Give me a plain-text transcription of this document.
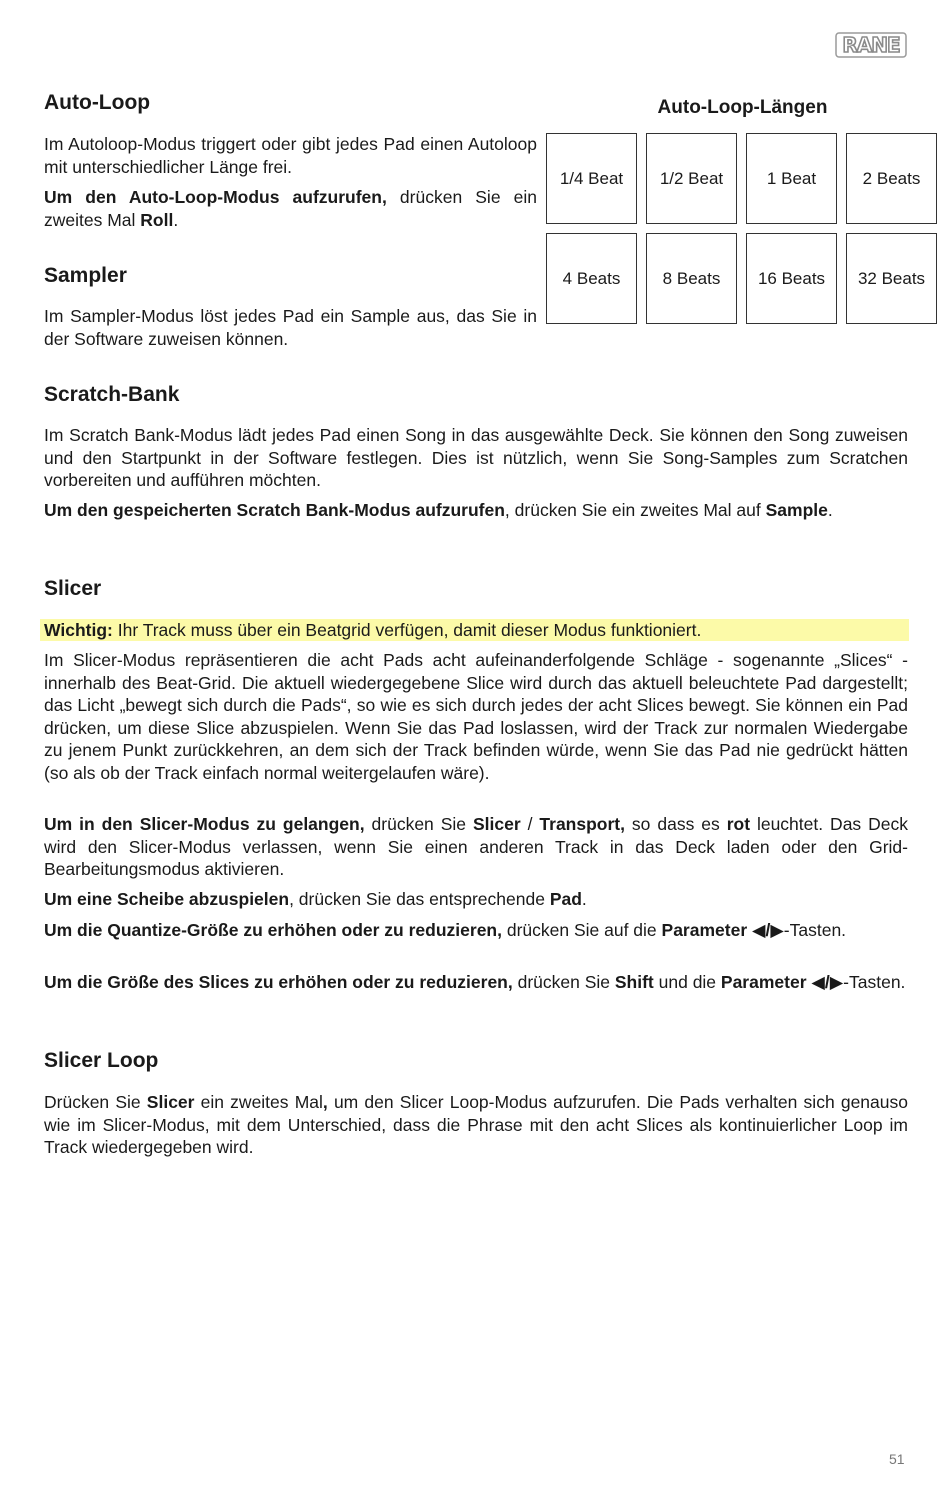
RANE
Auto-Loop

Im Autoloop-Modus triggert oder gibt jedes Pad einen Autoloop mit unterschiedlicher Länge frei.

Um den Auto-Loop-Modus aufzurufen, drücken Sie ein zweites Mal Roll.

Sampler

Im Sampler-Modus löst jedes Pad ein Sample aus, das Sie in der Software zuweisen können.

Auto-Loop-Längen
1/4 Beat	1/2 Beat	1 Beat	2 Beats
4 Beats	8 Beats	16 Beats	32 Beats
Scratch-Bank

Im Scratch Bank-Modus lädt jedes Pad einen Song in das ausgewählte Deck. Sie können den Song zuweisen und den Startpunkt in der Software festlegen. Dies ist nützlich, wenn Sie Song-Samples zum Scratchen vorbereiten und aufführen möchten.

Um den gespeicherten Scratch Bank-Modus aufzurufen, drücken Sie ein zweites Mal auf Sample.

Slicer

Wichtig: Ihr Track muss über ein Beatgrid verfügen, damit dieser Modus funktioniert.

Im Slicer-Modus repräsentieren die acht Pads acht aufeinanderfolgende Schläge - sogenannte „Slices“ - innerhalb des Beat-Grid. Die aktuell wiedergegebene Slice wird durch das aktuell beleuchtete Pad dargestellt; das Licht „bewegt sich durch die Pads“, so wie es sich durch jedes der acht Slices bewegt. Sie können ein Pad drücken, um diese Slice abzuspielen. Wenn Sie das Pad loslassen, wird der Track zur normalen Wiedergabe zu jenem Punkt zurückkehren, an dem sich der Track befinden würde, wenn Sie das Pad nie gedrückt hätten (so als ob der Track einfach normal weitergelaufen wäre).

Um in den Slicer-Modus zu gelangen, drücken Sie Slicer / Transport, so dass es rot leuchtet. Das Deck wird den Slicer-Modus verlassen, wenn Sie einen anderen Track in das Deck laden oder den Grid-Bearbeitungsmodus aktivieren.

Um eine Scheibe abzuspielen, drücken Sie das entsprechende Pad.

Um die Quantize-Größe zu erhöhen oder zu reduzieren, drücken Sie auf die Parameter ◀/▶-Tasten.

Um die Größe des Slices zu erhöhen oder zu reduzieren, drücken Sie Shift und die Parameter ◀/▶-Tasten.

Slicer Loop

Drücken Sie Slicer ein zweites Mal, um den Slicer Loop-Modus aufzurufen. Die Pads verhalten sich genauso wie im Slicer-Modus, mit dem Unterschied, dass die Phrase mit den acht Slices als kontinuierlicher Loop im Track wiedergegeben wird.

51
